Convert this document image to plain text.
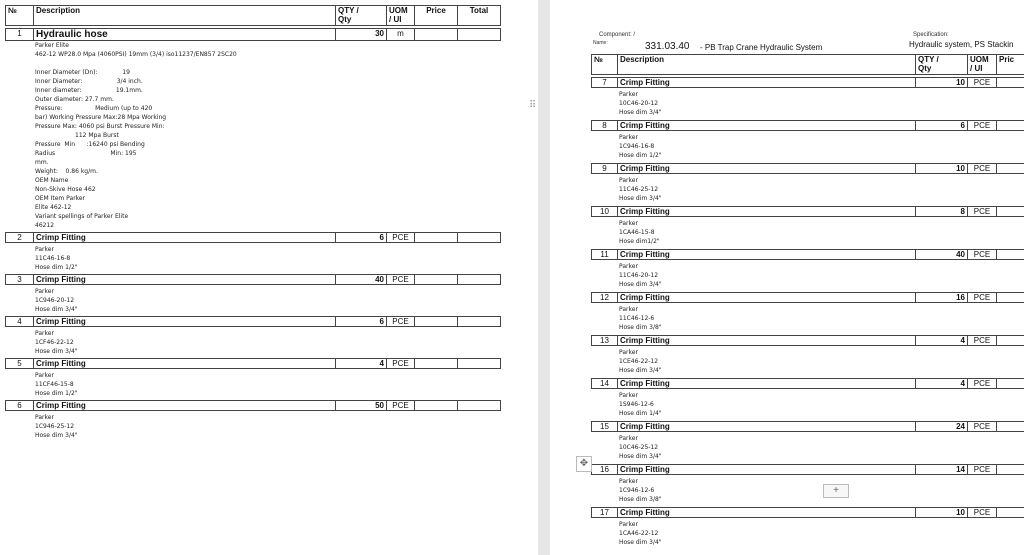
№	Description	QTY /
Qty	UOM
/ UI	Price	Total
1	Hydraulic hose	30	m		
Parker Elite
462-12 WP28.0 Mpa (4060PSI) 19mm (3/4) iso11237/EN857 2SC20

Inner Diameter (Dn):             19
Inner Diameter:                  3/4 inch.
Inner diameter:                  19.1mm.
Outer diameter: 27.7 mm.
Pressure:                 Medium (up to 420
bar) Working Pressure Max:28 Mpa Working
Pressure Max: 4060 psi Burst Pressure Min:
112 Mpa Burst
Pressure  Min      :16240 psi Bending
Radius                             Min: 195
mm.
Weight:    0.86 kg/m.
OEM Name
Non-Skive Hose 462
OEM Item Parker
Elite 462-12
Variant spellings of Parker Elite
46212
2	Crimp Fitting	6	PCE		
Parker
11C46-16-8
Hose dim 1/2"
3	Crimp Fitting	40	PCE		
Parker
1C946-20-12
Hose dim 3/4"
4	Crimp Fitting	6	PCE		
Parker
1CF46-22-12
Hose dim 3/4"
5	Crimp Fitting	4	PCE		
Parker
11CF46-15-8
Hose dim 1/2"
6	Crimp Fitting	50	PCE		
Parker
1C946-25-12
Hose dim 3/4"
⠿
Component: /
Name:	331.03.40 - PB Trap Crane Hydraulic System
Specification:
Hydraulic system, PS Stackin
№	Description	QTY /
Qty	UOM
/ UI	Pric
7	Crimp Fitting	10	PCE	
Parker
10C46-20-12
Hose dim 3/4"
8	Crimp Fitting	6	PCE	
Parker
1C946-16-8
Hose dim 1/2"
9	Crimp Fitting	10	PCE	
Parker
11C46-25-12
Hose dim 3/4"
10	Crimp Fitting	8	PCE	
Parker
1CA46-15-8
Hose dim1/2"
11	Crimp Fitting	40	PCE	
Parker
11C46-20-12
Hose dim 3/4"
12	Crimp Fitting	16	PCE	
Parker
11C46-12-6
Hose dim 3/8"
13	Crimp Fitting	4	PCE	
Parker
1CE46-22-12
Hose dim 3/4"
14	Crimp Fitting	4	PCE	
Parker
1S946-12-6
Hose dim 1/4"
15	Crimp Fitting	24	PCE	
Parker
10C46-25-12
Hose dim 3/4"
16	Crimp Fitting	14	PCE	
Parker
1C946-12-6
Hose dim 3/8"
17	Crimp Fitting	10	PCE	
Parker
1CA46-22-12
Hose dim 3/4"
✥
+
